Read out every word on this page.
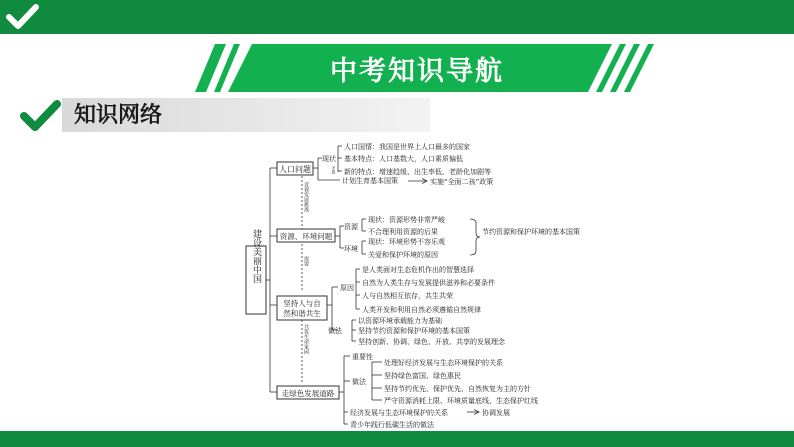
中考知识导航
知识网络
建设美丽中国
近视发展挑战
需要
共筑生命家园
人口问题
现状
矛盾
人口国情：我国是世界上人口最多的国家
基本特点：人口基数大，人口素质偏低
新的特点：增速趋缓、出生率低、老龄化加剧等
计划生育基本国策	实施“全面二孩”政策
资源、环境问题
资源
环境
现状：资源形势非常严峻
不合理利用资源的后果
现状：环境形势不容乐观
关爱和保护环境的原因
节约资源和保护环境的基本国策
坚持人与自然和谐共生
原因
做法
是人类面对生态危机作出的智慧选择
自然为人类生存与发展提供滋养和必要条件
人与自然相互依存，共生共荣
人类开发和利用自然必须遵循自然规律
以资源环境承载能力为基础
坚持节约资源和保护环境的基本国策
坚持创新、协调、绿色、开放、共享的发展理念
走绿色发展道路
重要性
做法
处理好经济发展与生态环境保护的关系
坚持绿色富国、绿色惠民
坚持节约优先、保护优先、自然恢复为主的方针
严守资源消耗上限、环境质量底线、生态保护红线
经济发展与生态环境保护的关系	协调发展
青少年践行低碳生活的做法
